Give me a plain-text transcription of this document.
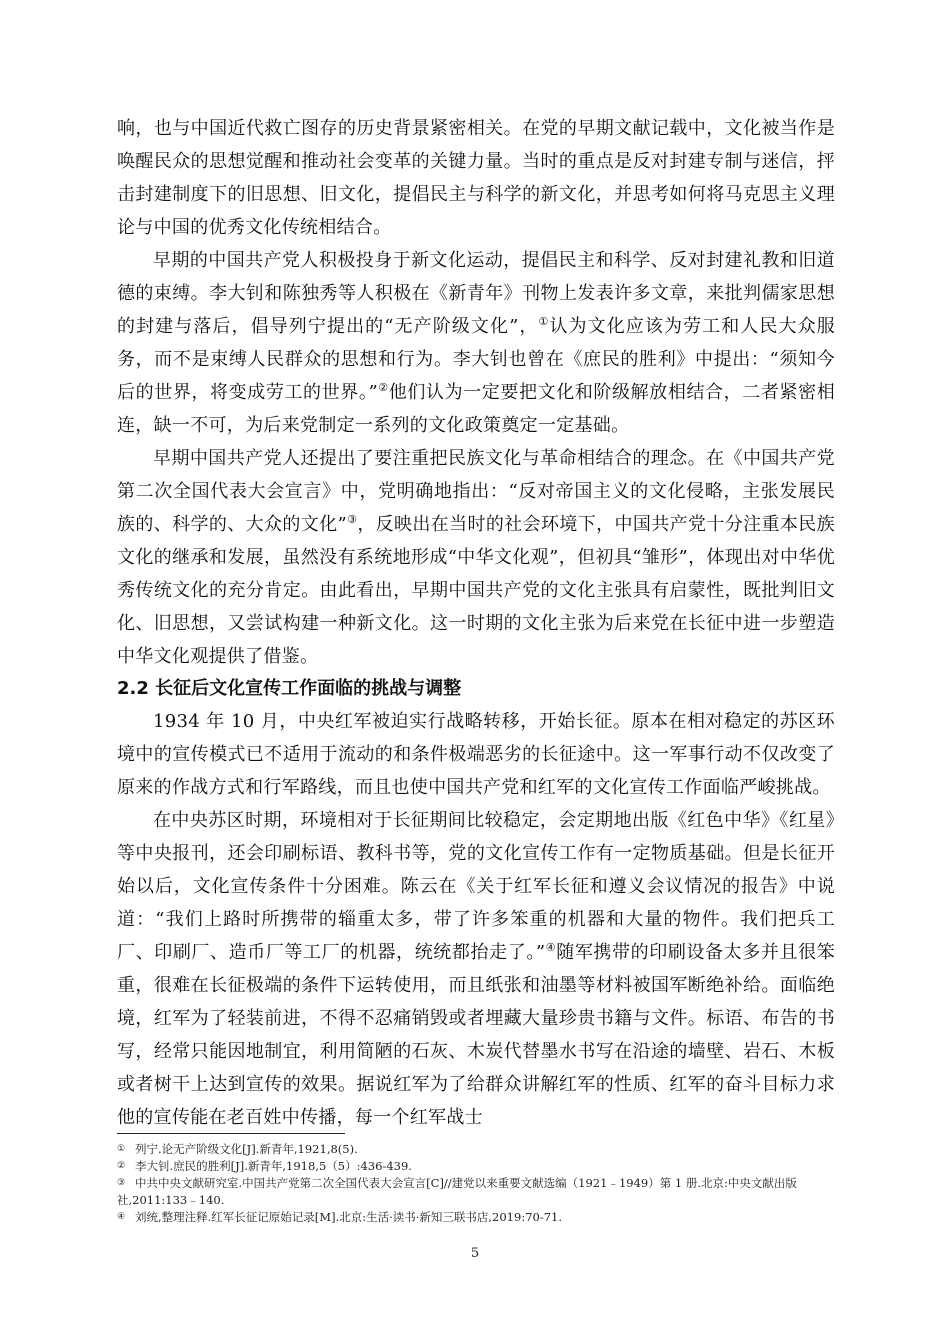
响，也与中国近代救亡图存的历史背景紧密相关。在党的早期文献记载中，文化被当作是唤醒民众的思想觉醒和推动社会变革的关键力量。当时的重点是反对封建专制与迷信，抨击封建制度下的旧思想、旧文化，提倡民主与科学的新文化，并思考如何将马克思主义理论与中国的优秀文化传统相结合。

早期的中国共产党人积极投身于新文化运动，提倡民主和科学、反对封建礼教和旧道德的束缚。李大钊和陈独秀等人积极在《新青年》刊物上发表许多文章，来批判儒家思想的封建与落后，倡导列宁提出的“无产阶级文化”，①认为文化应该为劳工和人民大众服务，而不是束缚人民群众的思想和行为。李大钊也曾在《庶民的胜利》中提出：“须知今后的世界，将变成劳工的世界。”②他们认为一定要把文化和阶级解放相结合，二者紧密相连，缺一不可，为后来党制定一系列的文化政策奠定一定基础。

早期中国共产党人还提出了要注重把民族文化与革命相结合的理念。在《中国共产党第二次全国代表大会宣言》中，党明确地指出：“反对帝国主义的文化侵略，主张发展民族的、科学的、大众的文化”③，反映出在当时的社会环境下，中国共产党十分注重本民族文化的继承和发展，虽然没有系统地形成“中华文化观”，但初具“雏形”，体现出对中华优秀传统文化的充分肯定。由此看出，早期中国共产党的文化主张具有启蒙性，既批判旧文化、旧思想，又尝试构建一种新文化。这一时期的文化主张为后来党在长征中进一步塑造中华文化观提供了借鉴。

2.2 长征后文化宣传工作面临的挑战与调整

1934 年 10 月，中央红军被迫实行战略转移，开始长征。原本在相对稳定的苏区环境中的宣传模式已不适用于流动的和条件极端恶劣的长征途中。这一军事行动不仅改变了原来的作战方式和行军路线，而且也使中国共产党和红军的文化宣传工作面临严峻挑战。

在中央苏区时期，环境相对于长征期间比较稳定，会定期地出版《红色中华》《红星》等中央报刊，还会印刷标语、教科书等，党的文化宣传工作有一定物质基础。但是长征开始以后，文化宣传条件十分困难。陈云在《关于红军长征和遵义会议情况的报告》中说道：“我们上路时所携带的辎重太多，带了许多笨重的机器和大量的物件。我们把兵工厂、印刷厂、造币厂等工厂的机器，统统都抬走了。”④随军携带的印刷设备太多并且很笨重，很难在长征极端的条件下运转使用，而且纸张和油墨等材料被国军断绝补给。面临绝境，红军为了轻装前进，不得不忍痛销毁或者埋藏大量珍贵书籍与文件。标语、布告的书写，经常只能因地制宜，利用简陋的石灰、木炭代替墨水书写在沿途的墙壁、岩石、木板或者树干上达到宣传的效果。据说红军为了给群众讲解红军的性质、红军的奋斗目标力求他的宣传能在老百姓中传播，每一个红军战士

① 列宁.论无产阶级文化[J].新青年,1921,8(5).

② 李大钊.庶民的胜利[J].新青年,1918,5（5）:436-439.

③ 中共中央文献研究室.中国共产党第二次全国代表大会宣言[C]//建党以来重要文献选编（1921﹣1949）第 1 册.北京:中央文献出版社,2011:133﹣140.

④ 刘统,整理注释.红军长征记原始记录[M].北京:生活·读书·新知三联书店,2019:70-71.

5
